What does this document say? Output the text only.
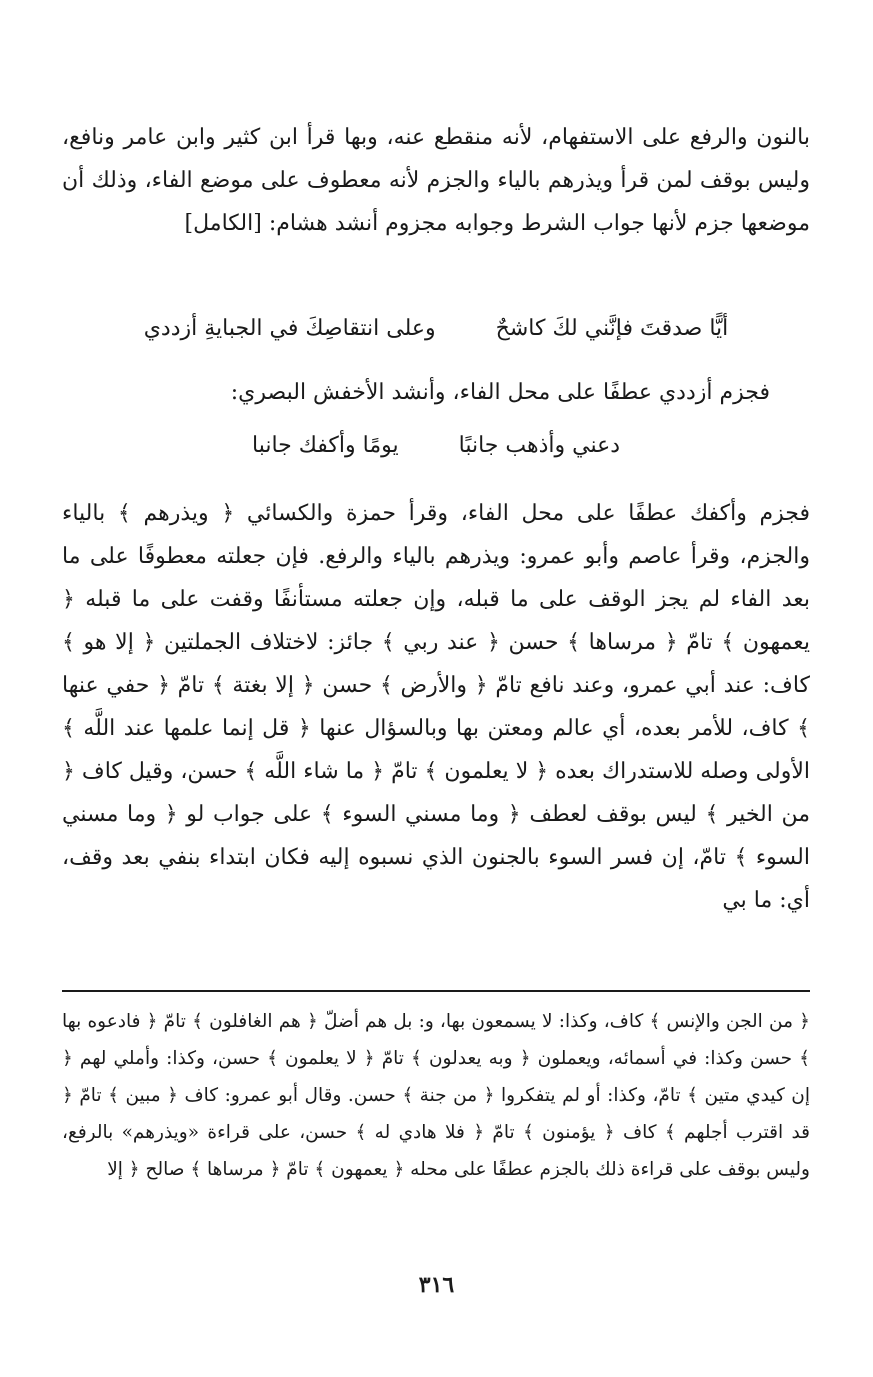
بالنون والرفع على الاستفهام، لأنه منقطع عنه، وبها قرأ ابن كثير وابن عامر ونافع، وليس بوقف لمن قرأ ويذرهم بالياء والجزم لأنه معطوف على موضع الفاء، وذلك أن موضعها جزم لأنها جواب الشرط وجوابه مجزوم أنشد هشام: [الكامل]

أيًّا صدقتَ فإنَّني لكَ كاشحٌ
وعلى انتقاصِكَ في الجبايةِ أزددي
فجزم أزددي عطفًا على محل الفاء، وأنشد الأخفش البصري:
دعني وأذهب جانبًا
يومًا وأكفك جانبا

فجزم وأكفك عطفًا على محل الفاء، وقرأ حمزة والكسائي ﴿ ويذرهم ﴾ بالياء والجزم، وقرأ عاصم وأبو عمرو: ويذرهم بالياء والرفع. فإن جعلته معطوفًا على ما بعد الفاء لم يجز الوقف على ما قبله، وإن جعلته مستأنفًا وقفت على ما قبله ﴿ يعمهون ﴾ تامّ ﴿ مرساها ﴾ حسن ﴿ عند ربي ﴾ جائز: لاختلاف الجملتين ﴿ إلا هو ﴾ كاف: عند أبي عمرو، وعند نافع تامّ ﴿ والأرض ﴾ حسن ﴿ إلا بغتة ﴾ تامّ ﴿ حفي عنها ﴾ كاف، للأمر بعده، أي عالم ومعتن بها وبالسؤال عنها ﴿ قل إنما علمها عند اللَّه ﴾ الأولى وصله للاستدراك بعده ﴿ لا يعلمون ﴾ تامّ ﴿ ما شاء اللَّه ﴾ حسن، وقيل كاف ﴿ من الخير ﴾ ليس بوقف لعطف ﴿ وما مسني السوء ﴾ على جواب لو ﴿ وما مسني السوء ﴾ تامّ، إن فسر السوء بالجنون الذي نسبوه إليه فكان ابتداء بنفي بعد وقف، أي: ما بي

﴿ من الجن والإنس ﴾ كاف، وكذا: لا يسمعون بها، و: بل هم أضلّ ﴿ هم الغافلون ﴾ تامّ ﴿ فادعوه بها ﴾ حسن وكذا: في أسمائه، ويعملون ﴿ وبه يعدلون ﴾ تامّ ﴿ لا يعلمون ﴾ حسن، وكذا: وأملي لهم ﴿ إن كيدي متين ﴾ تامّ، وكذا: أو لم يتفكروا ﴿ من جنة ﴾ حسن. وقال أبو عمرو: كاف ﴿ مبين ﴾ تامّ ﴿ قد اقترب أجلهم ﴾ كاف ﴿ يؤمنون ﴾ تامّ ﴿ فلا هادي له ﴾ حسن، على قراءة «ويذرهم» بالرفع، وليس بوقف على قراءة ذلك بالجزم عطفًا على محله ﴿ يعمهون ﴾ تامّ ﴿ مرساها ﴾ صالح ﴿ إلا

٣١٦
